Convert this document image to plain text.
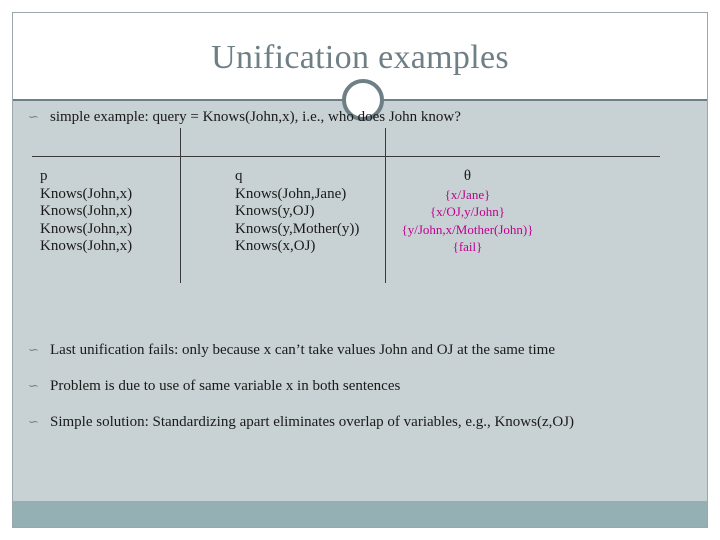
Unification examples
∽ simple example: query = Knows(John,x), i.e., who does John know?
p
Knows(John,x)
Knows(John,x)
Knows(John,x)
Knows(John,x)
q
Knows(John,Jane)
Knows(y,OJ)
Knows(y,Mother(y))
Knows(x,OJ)
θ
{x/Jane}
{x/OJ,y/John}
{y/John,x/Mother(John)}
{fail}
∽ Last unification fails: only because x can’t take values John and OJ at the same time
∽ Problem is due to use of same variable x in both sentences
∽ Simple solution: Standardizing apart eliminates overlap of variables, e.g., Knows(z,OJ)
